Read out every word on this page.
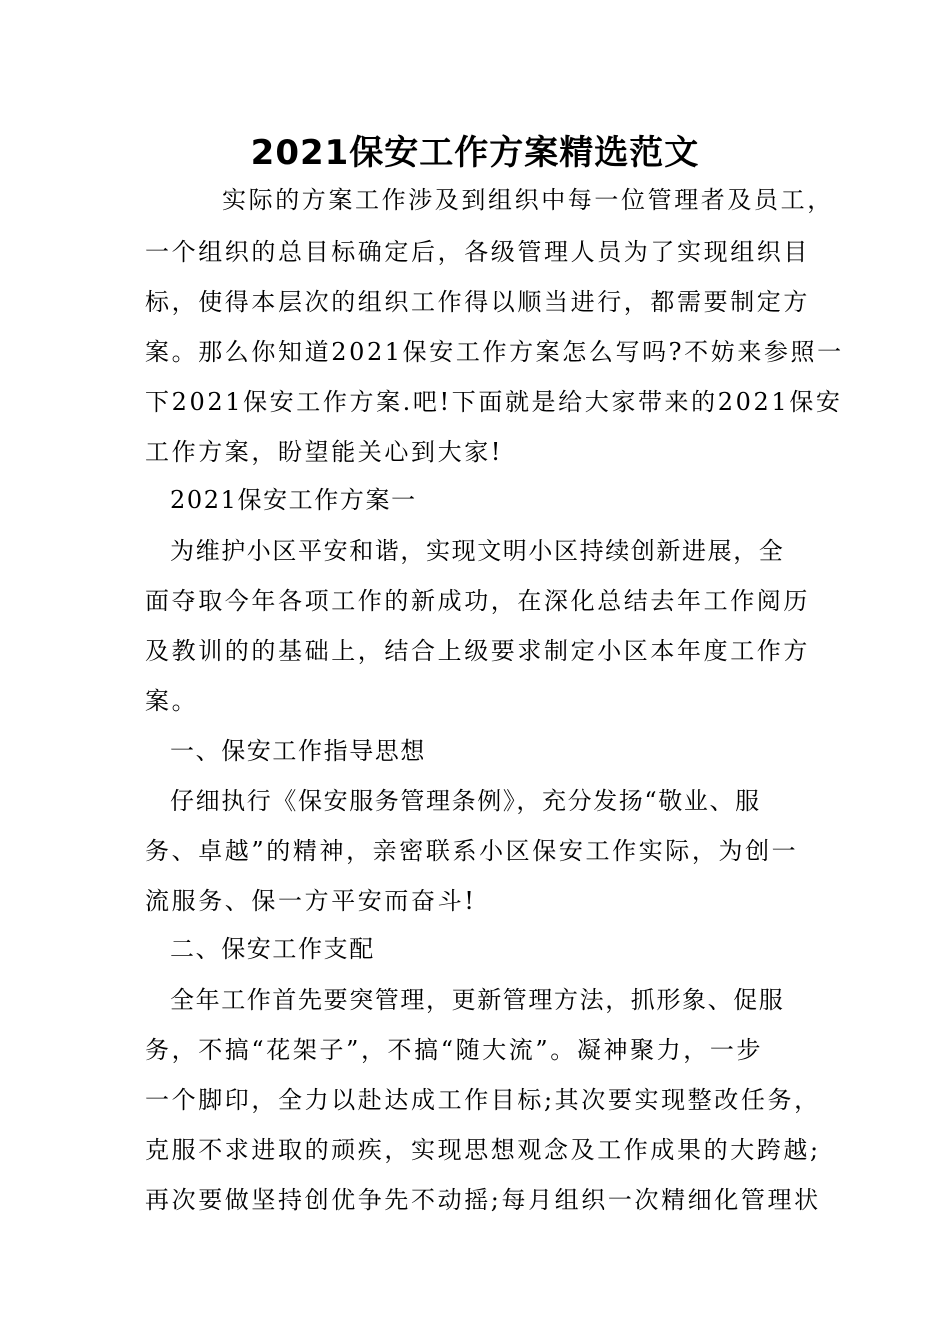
2021保安工作方案精选范文
实际的方案工作涉及到组织中每一位管理者及员工，
一个组织的总目标确定后，各级管理人员为了实现组织目
标，使得本层次的组织工作得以顺当进行，都需要制定方
案。那么你知道2021保安工作方案怎么写吗?不妨来参照一
下2021保安工作方案.吧!下面就是给大家带来的2021保安
工作方案，盼望能关心到大家!
2021保安工作方案一
为维护小区平安和谐，实现文明小区持续创新进展，全
面夺取今年各项工作的新成功，在深化总结去年工作阅历
及教训的的基础上，结合上级要求制定小区本年度工作方
案。
一、保安工作指导思想
仔细执行《保安服务管理条例》，充分发扬“敬业、服
务、卓越”的精神，亲密联系小区保安工作实际，为创一
流服务、保一方平安而奋斗!
二、保安工作支配
全年工作首先要突管理，更新管理方法，抓形象、促服
务，不搞“花架子”，不搞“随大流”。凝神聚力，一步
一个脚印，全力以赴达成工作目标;其次要实现整改任务，
克服不求进取的顽疾，实现思想观念及工作成果的大跨越;
再次要做坚持创优争先不动摇;每月组织一次精细化管理状
